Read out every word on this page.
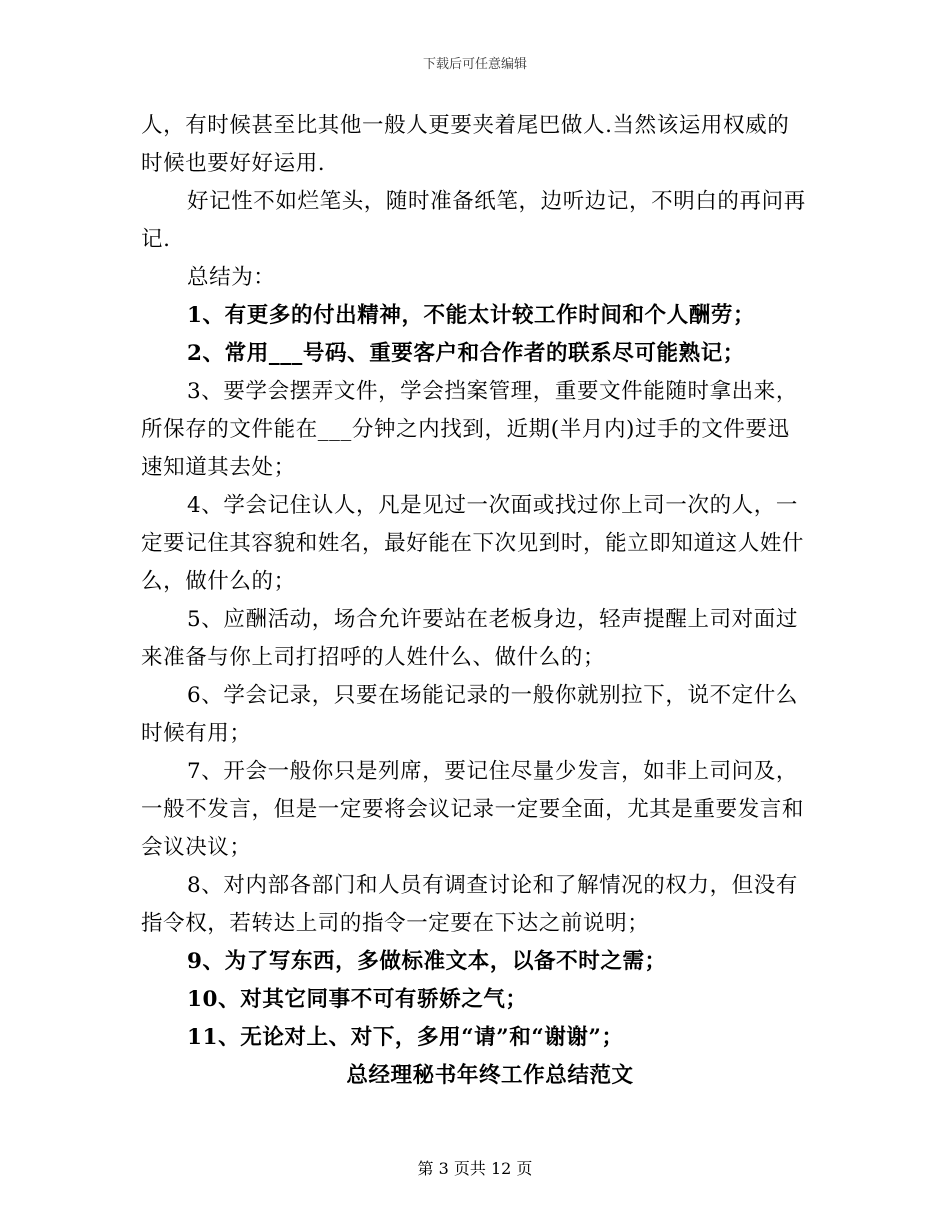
下载后可任意编辑

人，有时候甚至比其他一般人更要夹着尾巴做人.当然该运用权威的时候也要好好运用.

好记性不如烂笔头，随时准备纸笔，边听边记，不明白的再问再记.

总结为：

1、有更多的付出精神，不能太计较工作时间和个人酬劳；

2、常用___号码、重要客户和合作者的联系尽可能熟记；

3、要学会摆弄文件，学会挡案管理，重要文件能随时拿出来，所保存的文件能在___分钟之内找到，近期(半月内)过手的文件要迅速知道其去处；

4、学会记住认人，凡是见过一次面或找过你上司一次的人，一定要记住其容貌和姓名，最好能在下次见到时，能立即知道这人姓什么，做什么的；

5、应酬活动，场合允许要站在老板身边，轻声提醒上司对面过来准备与你上司打招呼的人姓什么、做什么的；

6、学会记录，只要在场能记录的一般你就别拉下，说不定什么时候有用；

7、开会一般你只是列席，要记住尽量少发言，如非上司问及，一般不发言，但是一定要将会议记录一定要全面，尤其是重要发言和会议决议；

8、对内部各部门和人员有调查讨论和了解情况的权力，但没有指令权，若转达上司的指令一定要在下达之前说明；

9、为了写东西，多做标准文本，以备不时之需；

10、对其它同事不可有骄娇之气；

11、无论对上、对下，多用“请”和“谢谢”；

总经理秘书年终工作总结范文

第 3 页共 12 页
